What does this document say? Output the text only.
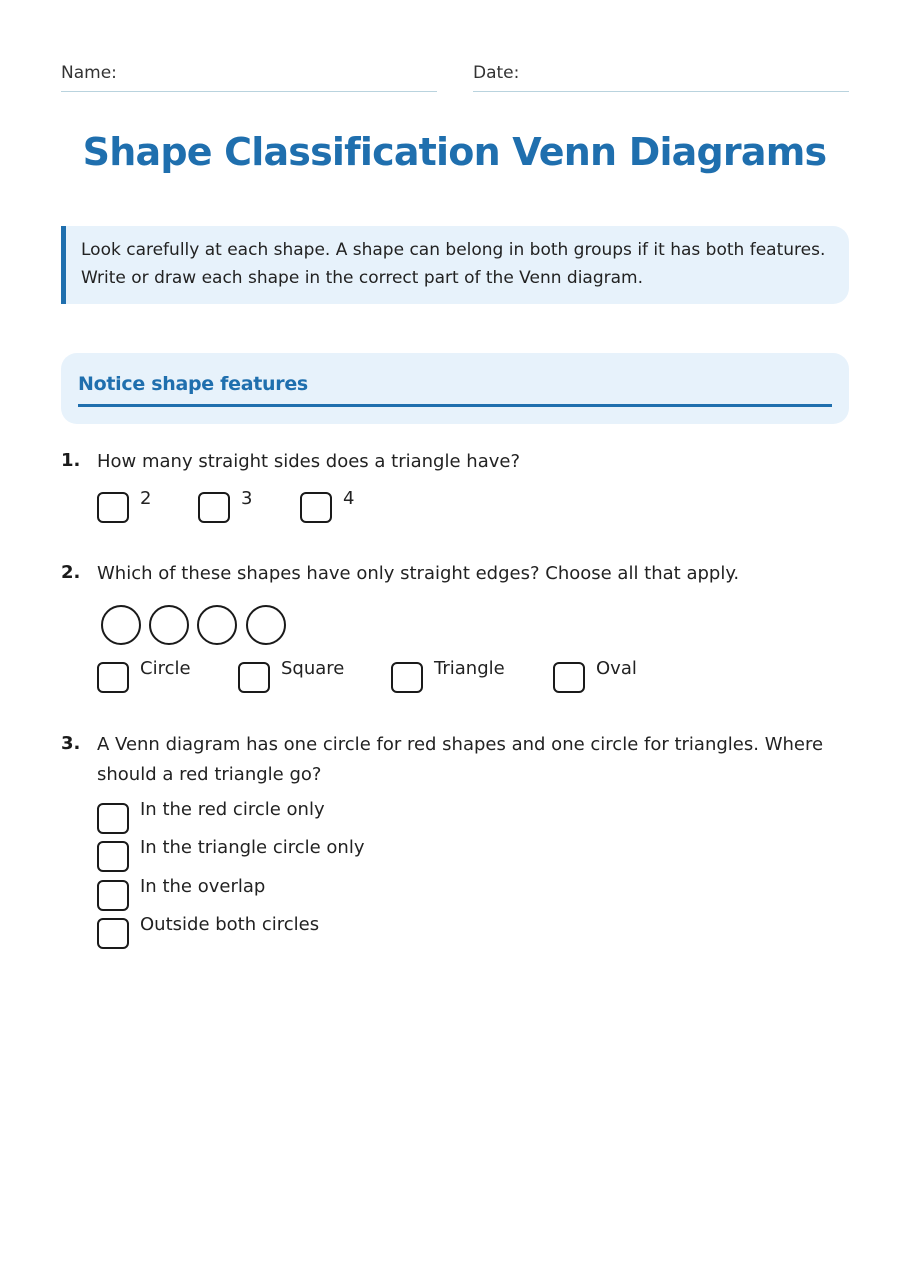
Name:	Date:
Shape Classification Venn Diagrams

Look carefully at each shape. A shape can belong in both groups if it has both features.

Write or draw each shape in the correct part of the Venn diagram.

Notice shape features
1. How many straight sides does a triangle have?
2	3	4
2. Which of these shapes have only straight edges? Choose all that apply.
Circle	Square	Triangle	Oval
3. A Venn diagram has one circle for red shapes and one circle for triangles. Where
should a red triangle go?
In the red circle only
In the triangle circle only
In the overlap
Outside both circles
